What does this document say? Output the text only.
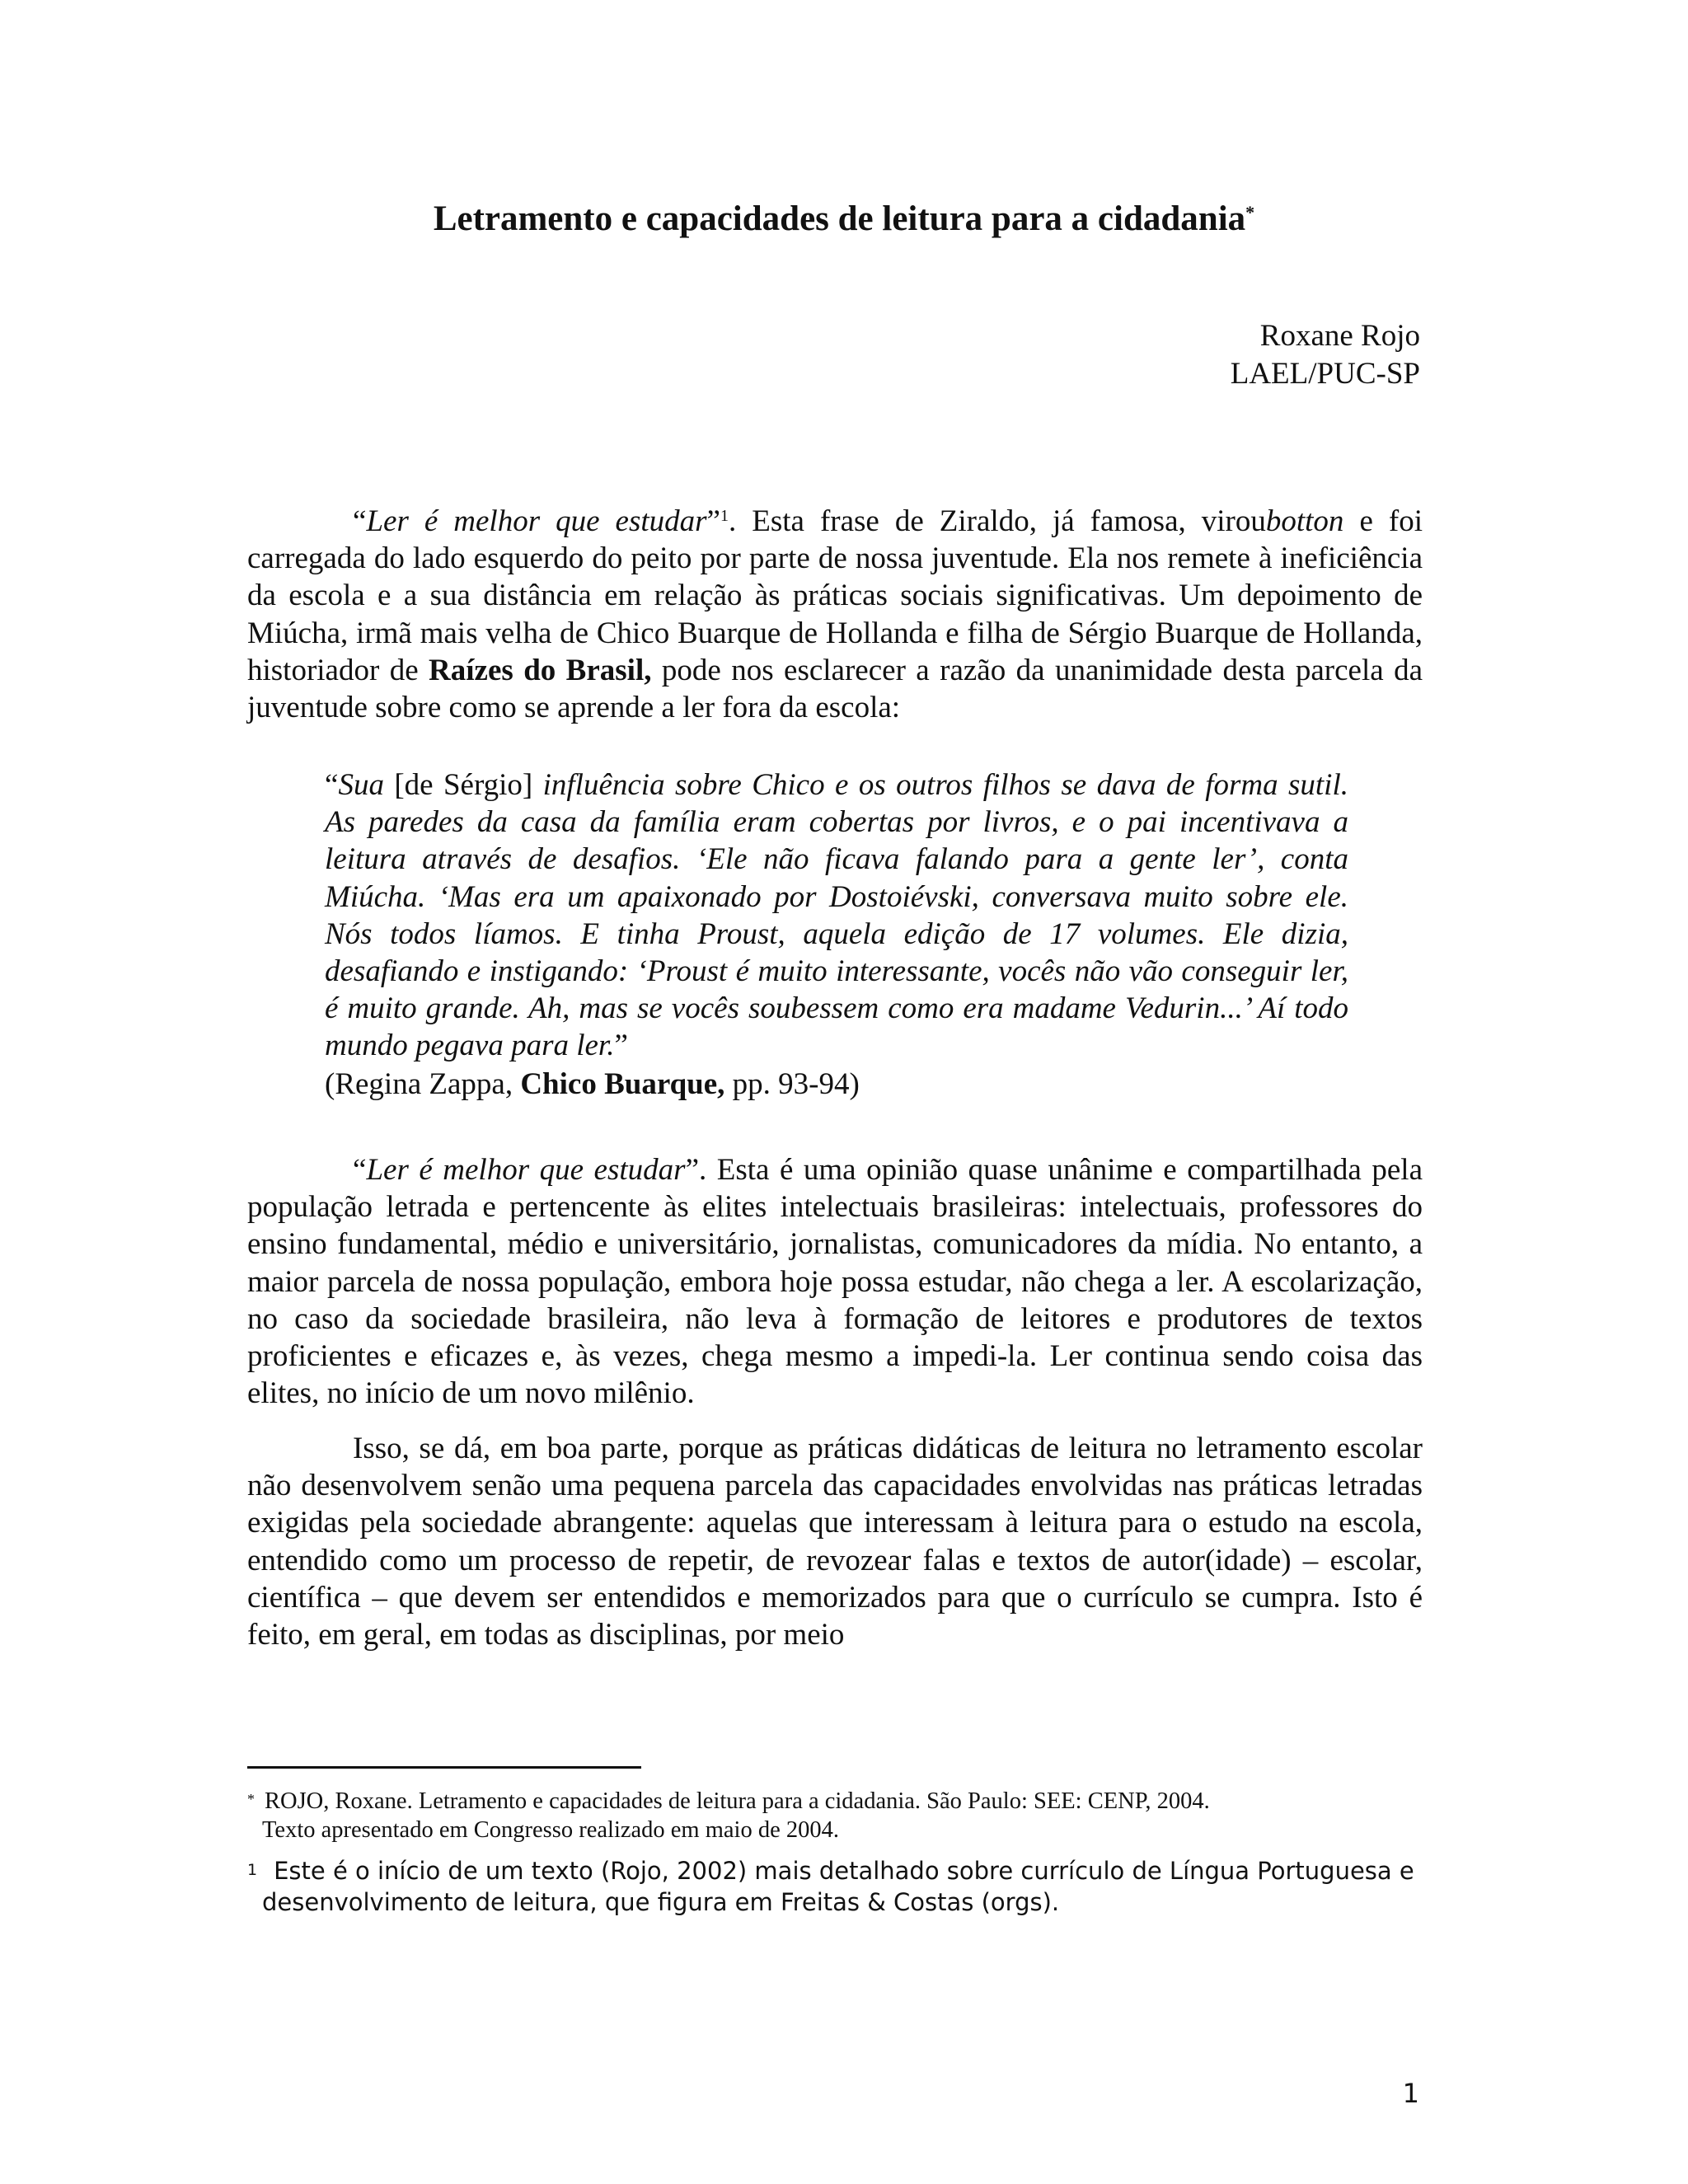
Letramento e capacidades de leitura para a cidadania*
Roxane Rojo
LAEL/PUC-SP

“Ler é melhor que estudar”$^1$. Esta frase de Ziraldo, já famosa, viroubotton e foi carregada do lado esquerdo do peito por parte de nossa juventude. Ela nos remete à ineficiência da escola e a sua distância em relação às práticas sociais significativas. Um depoimento de Miúcha, irmã mais velha de Chico Buarque de Hollanda e filha de Sérgio Buarque de Hollanda, historiador de Raízes do Brasil, pode nos esclarecer a razão da unanimidade desta parcela da juventude sobre como se aprende a ler fora da escola:

“Sua [de Sérgio] influência sobre Chico e os outros filhos se dava de forma sutil. As paredes da casa da família eram cobertas por livros, e o pai incentivava a leitura através de desafios. ‘Ele não ficava falando para a gente ler’, conta Miúcha. ‘Mas era um apaixonado por Dostoiévski, conversava muito sobre ele. Nós todos líamos. E tinha Proust, aquela edição de 17 volumes. Ele dizia, desafiando e instigando: ‘Proust é muito interessante, vocês não vão conseguir ler, é muito grande. Ah, mas se vocês soubessem como era madame Vedurin...’ Aí todo mundo pegava para ler.”

(Regina Zappa, Chico Buarque, pp. 93-94)

“Ler é melhor que estudar”. Esta é uma opinião quase unânime e compartilhada pela população letrada e pertencente às elites intelectuais brasileiras: intelectuais, professores do ensino fundamental, médio e universitário, jornalistas, comunicadores da mídia. No entanto, a maior parcela de nossa população, embora hoje possa estudar, não chega a ler. A escolarização, no caso da sociedade brasileira, não leva à formação de leitores e produtores de textos proficientes e eficazes e, às vezes, chega mesmo a impedi-la. Ler continua sendo coisa das elites, no início de um novo milênio.

Isso, se dá, em boa parte, porque as práticas didáticas de leitura no letramento escolar não desenvolvem senão uma pequena parcela das capacidades envolvidas nas práticas letradas exigidas pela sociedade abrangente: aquelas que interessam à leitura para o estudo na escola, entendido como um processo de repetir, de revozear falas e textos de autor(idade) – escolar, científica – que devem ser entendidos e memorizados para que o currículo se cumpra. Isto é feito, em geral, em todas as disciplinas, por meio

* ROJO, Roxane. Letramento e capacidades de leitura para a cidadania. São Paulo: SEE: CENP, 2004.
Texto apresentado em Congresso realizado em maio de 2004.

$^1$ Este é o início de um texto (Rojo, 2002) mais detalhado sobre currículo de Língua Portuguesa e
desenvolvimento de leitura, que figura em Freitas & Costas (orgs).

1
